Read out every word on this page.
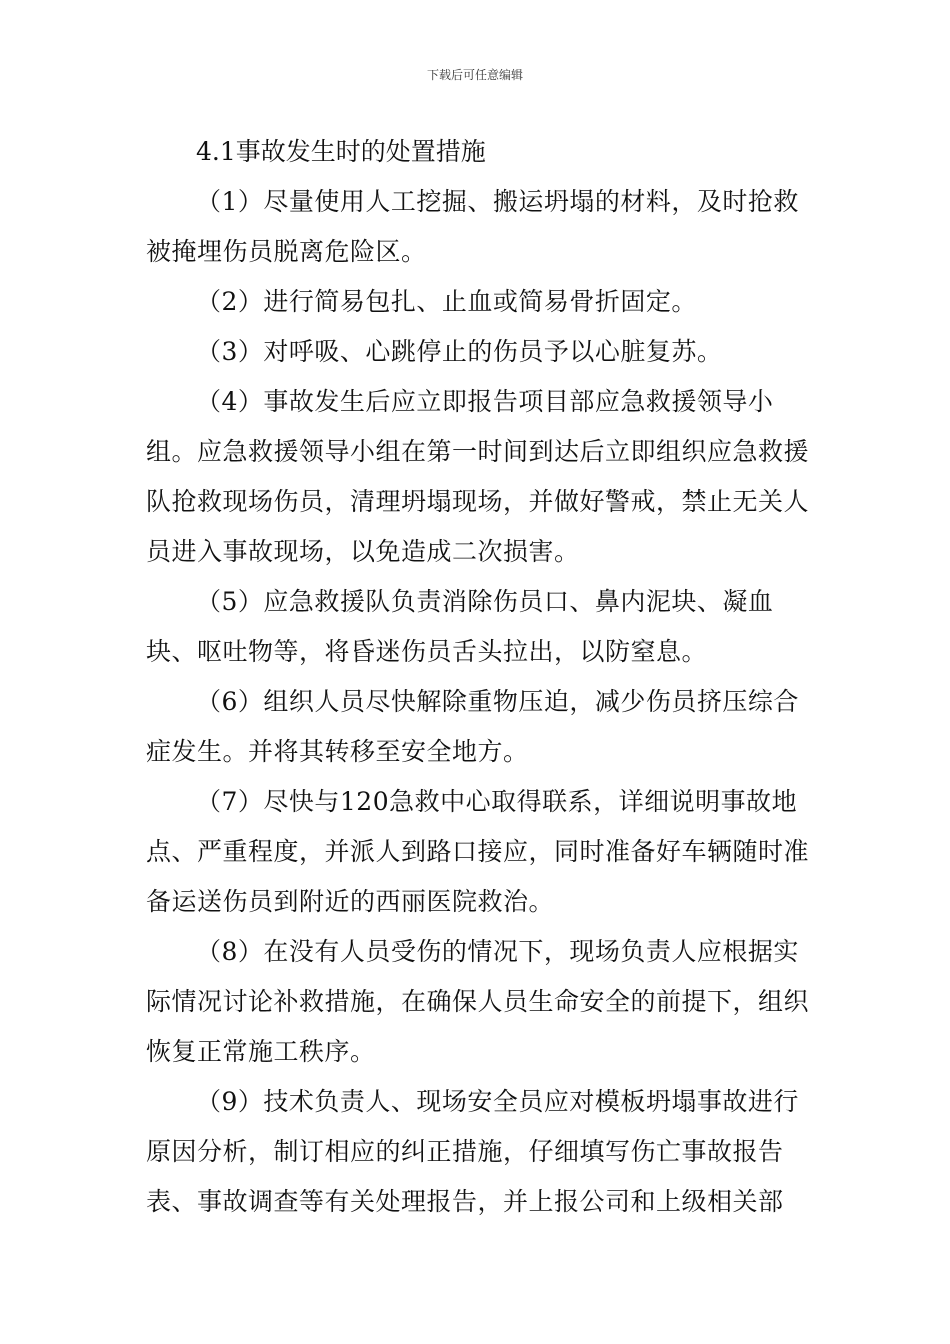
下载后可任意编辑

4.1事故发生时的处置措施

（1）尽量使用人工挖掘、搬运坍塌的材料，及时抢救被掩埋伤员脱离危险区。

（2）进行简易包扎、止血或简易骨折固定。

（3）对呼吸、心跳停止的伤员予以心脏复苏。

（4）事故发生后应立即报告项目部应急救援领导小组。应急救援领导小组在第一时间到达后立即组织应急救援队抢救现场伤员，清理坍塌现场，并做好警戒，禁止无关人员进入事故现场，以免造成二次损害。

（5）应急救援队负责消除伤员口、鼻内泥块、凝血块、呕吐物等，将昏迷伤员舌头拉出，以防窒息。

（6）组织人员尽快解除重物压迫，减少伤员挤压综合症发生。并将其转移至安全地方。

（7）尽快与120急救中心取得联系，详细说明事故地点、严重程度，并派人到路口接应，同时准备好车辆随时准备运送伤员到附近的西丽医院救治。

（8）在没有人员受伤的情况下，现场负责人应根据实际情况讨论补救措施，在确保人员生命安全的前提下，组织恢复正常施工秩序。

（9）技术负责人、现场安全员应对模板坍塌事故进行原因分析，制订相应的纠正措施，仔细填写伤亡事故报告表、事故调查等有关处理报告，并上报公司和上级相关部
